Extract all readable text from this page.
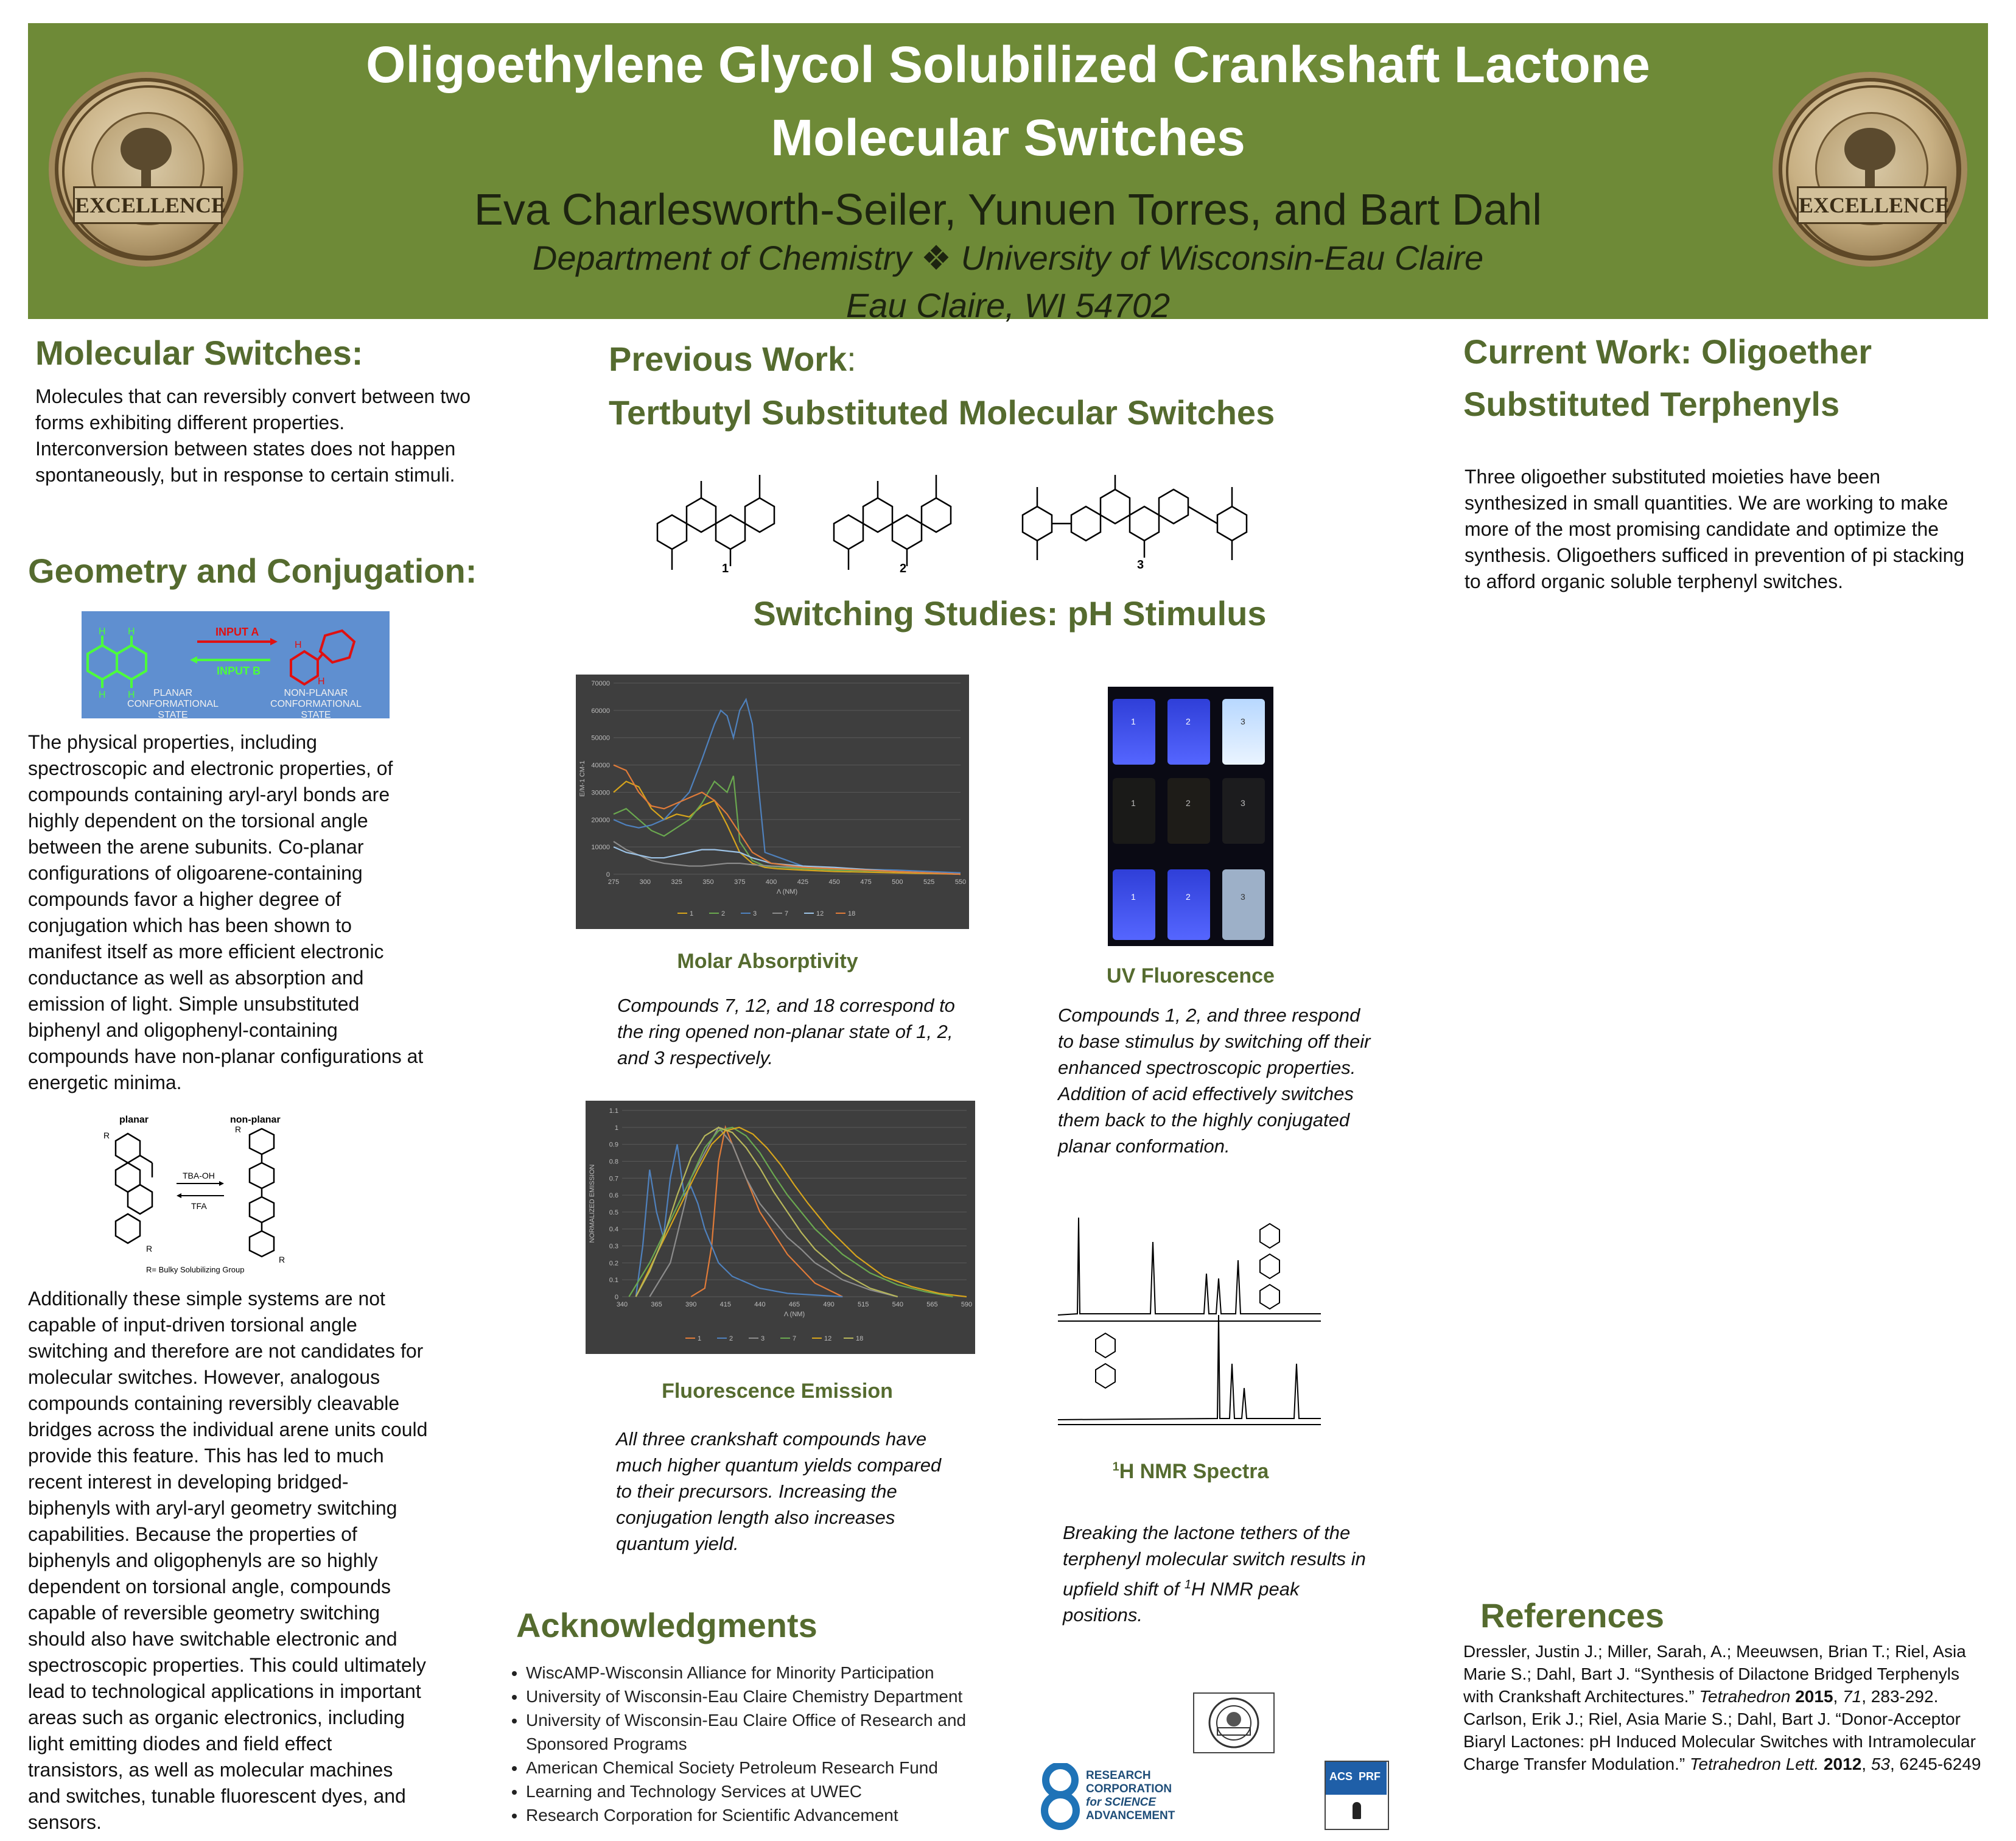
Oligoethylene Glycol Solubilized Crankshaft Lactone
Molecular Switches
Eva Charlesworth-Seiler, Yunuen Torres, and Bart Dahl
Department of Chemistry ❖ University of Wisconsin-Eau Claire
Eau Claire, WI 54702
EXCELLENCE	EXCELLENCE
Molecular Switches:
Molecules that can reversibly convert between two forms exhibiting different properties. Interconversion between states does not happen spontaneously, but in response to certain stimuli.
Geometry and Conjugation:
H H
H H
INPUT A
INPUT B
H
H
PLANAR CONFORMATIONAL STATE
NON-PLANAR CONFORMATIONAL STATE
The physical properties, including spectroscopic and electronic properties, of compounds containing aryl-aryl bonds are highly dependent on the torsional angle between the arene subunits. Co-planar configurations of oligoarene-containing compounds favor a higher degree of conjugation which has been shown to manifest itself as more efficient electronic conductance as well as absorption and emission of light. Simple unsubstituted biphenyl and oligophenyl-containing compounds have non-planar configurations at energetic minima.
planar	non-planar
TBA-OH
TFA
R
R
R
R
R= Bulky Solubilizing Group
Additionally these simple systems are not capable of input-driven torsional angle switching and therefore are not candidates for molecular switches. However, analogous compounds containing reversibly cleavable bridges across the individual arene units could provide this feature. This has led to much recent interest in developing bridged-biphenyls with aryl-aryl geometry switching capabilities. Because the properties of biphenyls and oligophenyls are so highly dependent on torsional angle, compounds capable of reversible geometry switching should also have switchable electronic and spectroscopic properties. This could ultimately lead to technological applications in important areas such as organic electronics, including light emitting diodes and field effect transistors, as well as molecular machines and switches, tunable fluorescent dyes, and sensors.
Previous Work:
Tertbutyl Substituted Molecular Switches
1	2	3
Switching Studies: pH Stimulus
0
10000
20000
30000
40000
50000
60000
70000
275	300	325	350	375	400	425	450	475	500	525	550
Λ (NM)
E/M-1 CM-1
1	2	3	7	12	18
Molar Absorptivity
Compounds 7, 12, and 18 correspond to the ring opened non-planar state of 1, 2, and 3 respectively.
0
0.1
0.2
0.3
0.4
0.5
0.6
0.7
0.8
0.9
1
1.1
340	365	390	415	440	465	490	515	540	565	590
Λ (NM)
NORMALIZED EMISSION
1	2	3	7	12	18
Fluorescence Emission
All three crankshaft compounds have much higher quantum yields compared to their precursors. Increasing the conjugation length also increases quantum yield.
1	2	3
1	2	3
1	2	3
UV Fluorescence
Compounds 1, 2, and three respond to base stimulus by switching off their enhanced spectroscopic properties. Addition of acid effectively switches them back to the highly conjugated planar conformation.
$^1$H NMR Spectra
Breaking the lactone tethers of the terphenyl molecular switch results in upfield shift of $^1$H NMR peak positions.
Acknowledgments
• WiscAMP-Wisconsin Alliance for Minority Participation
• University of Wisconsin-Eau Claire Chemistry Department
• University of Wisconsin-Eau Claire Office of Research and Sponsored Programs
• American Chemical Society Petroleum Research Fund
• Learning and Technology Services at UWEC
• Research Corporation for Scientific Advancement
RESEARCH
CORPORATION
for SCIENCE
ADVANCEMENT
ACS PRF
Current Work: Oligoether
Substituted Terphenyls
Three oligoether substituted moieties have been synthesized in small quantities. We are working to make more of the most promising candidate and optimize the synthesis. Oligoethers sufficed in prevention of pi stacking to afford organic soluble terphenyl switches.
References
Dressler, Justin J.; Miller, Sarah, A.; Meeuwsen, Brian T.; Riel, Asia Marie S.; Dahl, Bart J. “Synthesis of Dilactone Bridged Terphenyls with Crankshaft Architectures.” Tetrahedron 2015, 71, 283-292.
Carlson, Erik J.; Riel, Asia Marie S.; Dahl, Bart J. “Donor-Acceptor Biaryl Lactones: pH Induced Molecular Switches with Intramolecular Charge Transfer Modulation.” Tetrahedron Lett. 2012, 53, 6245-6249
